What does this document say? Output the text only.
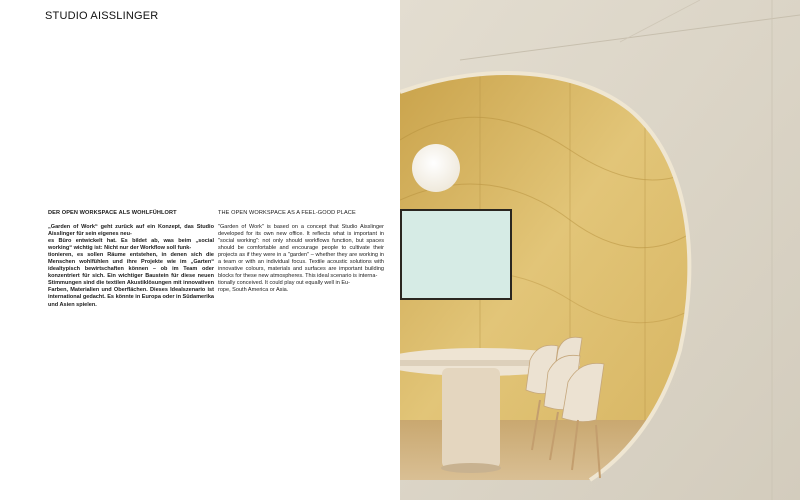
STUDIO AISSLINGER
DER OPEN WORKSPACE ALS WOHLFÜHLORT
„Garden of Work“ geht zurück auf ein Konzept, das Studio Aisslinger für sein eigenes neu-
es Büro entwickelt hat. Es bildet ab, was beim „social working“ wichtig ist: Nicht nur der Workflow soll funk-
tionieren, es sollen Räume entstehen, in denen sich die Menschen wohlfühlen und ihre Projekte wie im „Garten“ idealtypisch bewirtschaften können – ob im Team oder konzentriert für sich. Ein wichtiger Baustein für diese neuen Stimmungen sind die textilen Akustiklösungen mit innovativen Farben, Materialien und Oberflächen. Dieses Idealszenario ist international gedacht. Es könnte in Europa oder in Südamerika und Asien spielen.
THE OPEN WORKSPACE AS A FEEL-GOOD PLACE
"Garden of Work" is based on a concept that Studio Aisslinger developed for its own new office. It reflects what is important in "social working": not only should workflows function, but spaces should be comfortable and encourage people to cultivate their projects as if they were in a "garden" – whether they are working in a team or with an individual focus. Textile acoustic solutions with innovative colours, materials and surfaces are important building blocks for these new atmospheres. This ideal scenario is interna-
tionally conceived. It could play out equally well in Eu-
rope, South America or Asia.
